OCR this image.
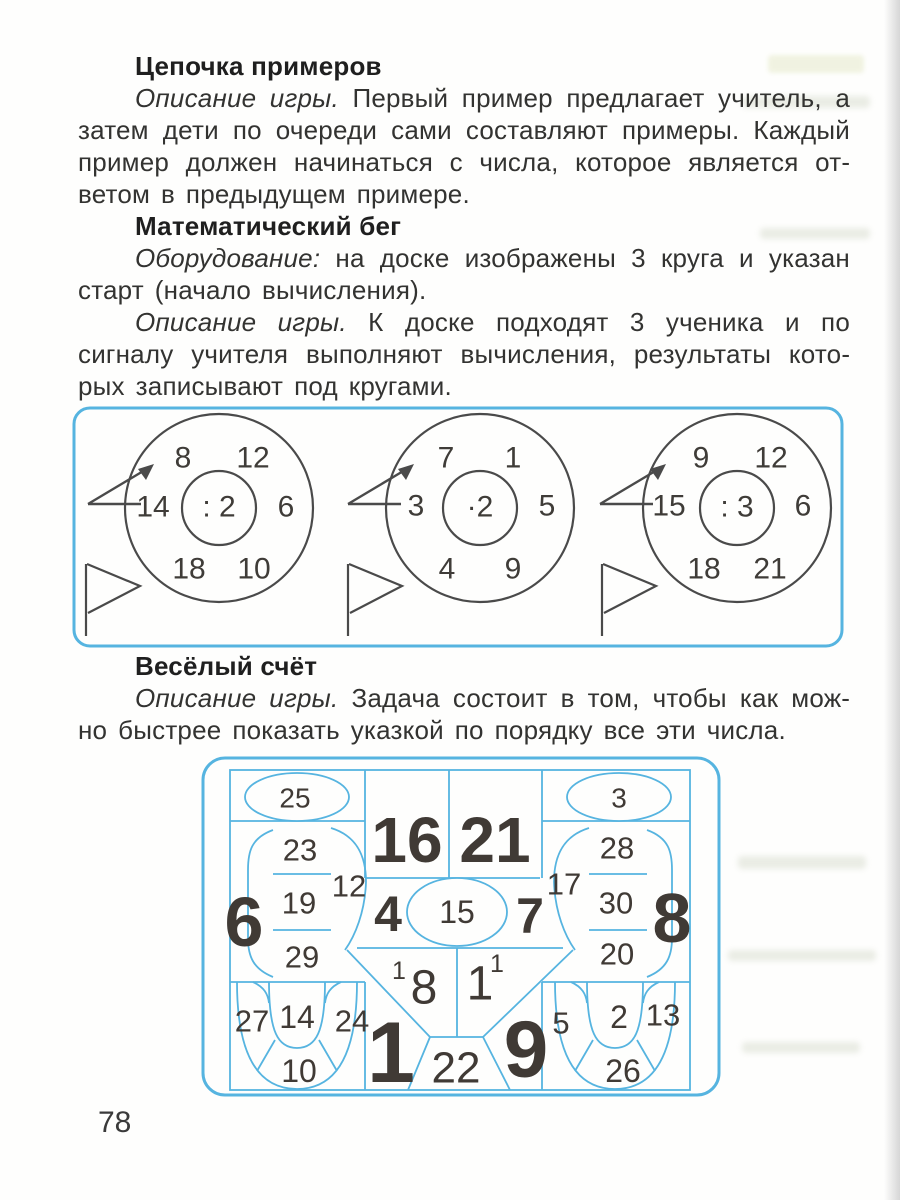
Цепочка примеров

Описание игры. Первый пример предлагает учитель, а затем дети по очереди сами составляют примеры. Каждый пример должен начинаться с числа, которое является ответом в предыдущем примере.

Математический бег

Оборудование: на доске изображены 3 круга и указан старт (начало вычисления).

Описание игры. К доске подходят 3 ученика и по сигналу учителя выполняют вычисления, результаты которых записывают под кругами.

8 12
14	6
18 10
: 2
7 1
3	5
4 9
·2
9 12
15	6
18 21
: 3
Весёлый счёт

Описание игры. Задача состоит в том, чтобы как можно быстрее показать указкой по порядку все эти числа.

25	3
15
23
19
29
28
30
20
12	17
6	8
16 21
4 7
1 8 1
1
1 9
22
27 14 24
10
5 2 13
26
78
